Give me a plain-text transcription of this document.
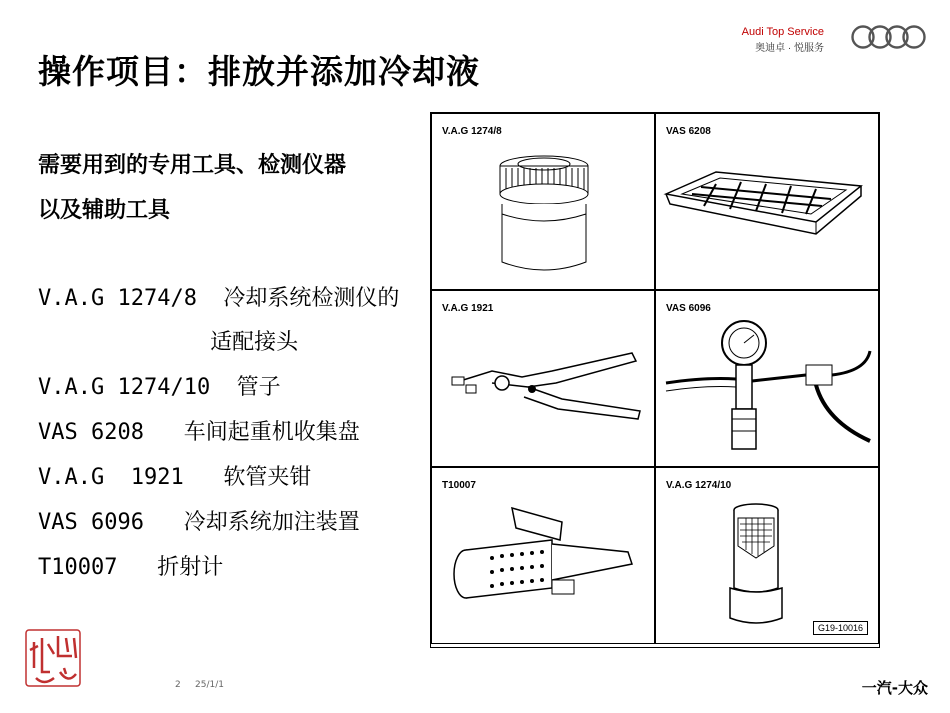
Audi Top Service
奥迪卓 · 悦服务
操作项目：排放并添加冷却液
需要用到的专用工具、检测仪器
以及辅助工具
V.A.G 1274/8  冷却系统检测仪的
适配接头
V.A.G 1274/10  管子
VAS 6208   车间起重机收集盘
V.A.G  1921   软管夹钳
VAS 6096   冷却系统加注装置
T10007   折射计
V.A.G 1274/8	VAS 6208
V.A.G 1921	VAS 6096
T10007	V.A.G 1274/10
G19-10016
2 25/1/1	一汽-大众
